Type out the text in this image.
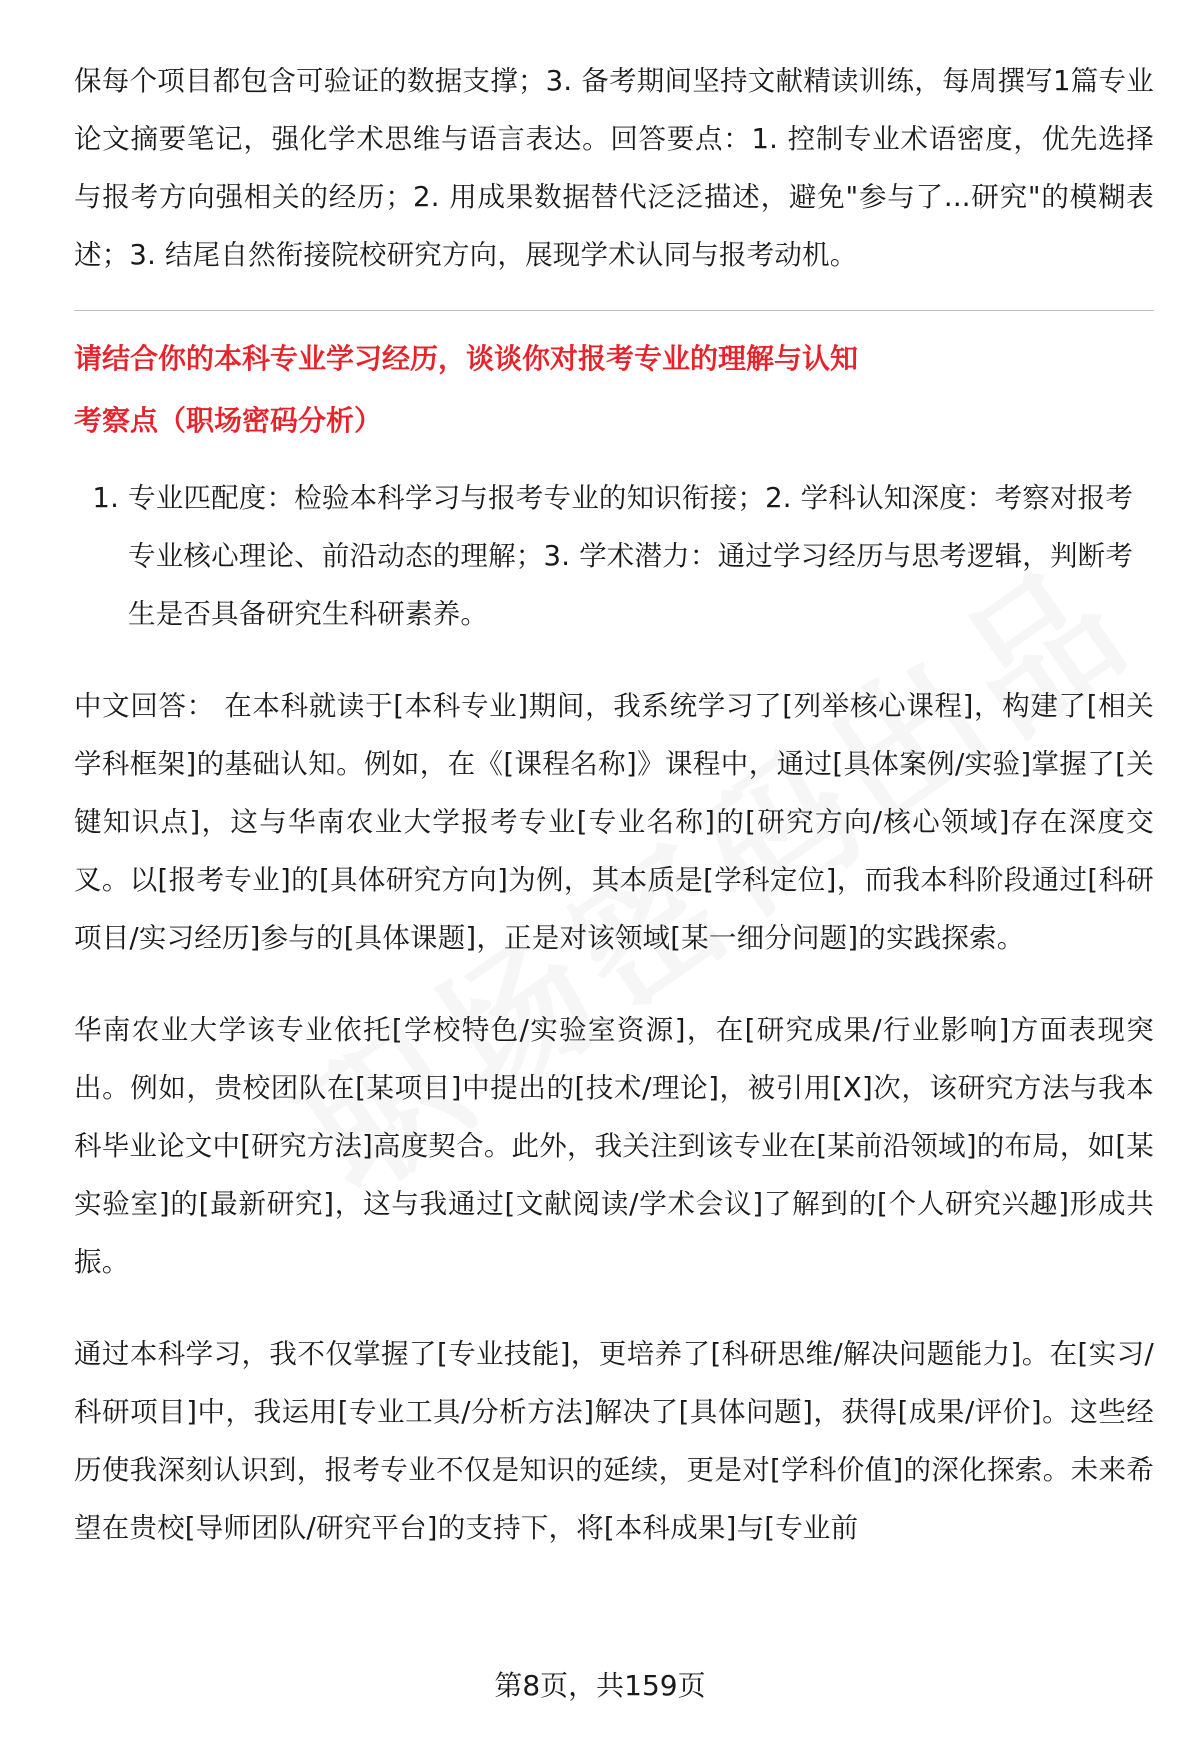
保每个项目都包含可验证的数据支撑；3. 备考期间坚持文献精读训练，每周撰写1篇专业论文摘要笔记，强化学术思维与语言表达。回答要点：1. 控制专业术语密度，优先选择与报考方向强相关的经历；2. 用成果数据替代泛泛描述，避免"参与了...研究"的模糊表述；3. 结尾自然衔接院校研究方向，展现学术认同与报考动机。

请结合你的本科专业学习经历，谈谈你对报考专业的理解与认知
考察点（职场密码分析）
1. 专业匹配度：检验本科学习与报考专业的知识衔接；2. 学科认知深度：考察对报考专业核心理论、前沿动态的理解；3. 学术潜力：通过学习经历与思考逻辑，判断考生是否具备研究生科研素养。

中文回答： 在本科就读于[本科专业]期间，我系统学习了[列举核心课程]，构建了[相关学科框架]的基础认知。例如，在《[课程名称]》课程中，通过[具体案例/实验]掌握了[关键知识点]，这与华南农业大学报考专业[专业名称]的[研究方向/核心领域]存在深度交叉。以[报考专业]的[具体研究方向]为例，其本质是[学科定位]，而我本科阶段通过[科研项目/实习经历]参与的[具体课题]，正是对该领域[某一细分问题]的实践探索。

华南农业大学该专业依托[学校特色/实验室资源]，在[研究成果/行业影响]方面表现突出。例如，贵校团队在[某项目]中提出的[技术/理论]，被引用[X]次，该研究方法与我本科毕业论文中[研究方法]高度契合。此外，我关注到该专业在[某前沿领域]的布局，如[某实验室]的[最新研究]，这与我通过[文献阅读/学术会议]了解到的[个人研究兴趣]形成共振。

通过本科学习，我不仅掌握了[专业技能]，更培养了[科研思维/解决问题能力]。在[实习/科研项目]中，我运用[专业工具/分析方法]解决了[具体问题]，获得[成果/评价]。这些经历使我深刻认识到，报考专业不仅是知识的延续，更是对[学科价值]的深化探索。未来希望在贵校[导师团队/研究平台]的支持下，将[本科成果]与[专业前

第8页，共159页
